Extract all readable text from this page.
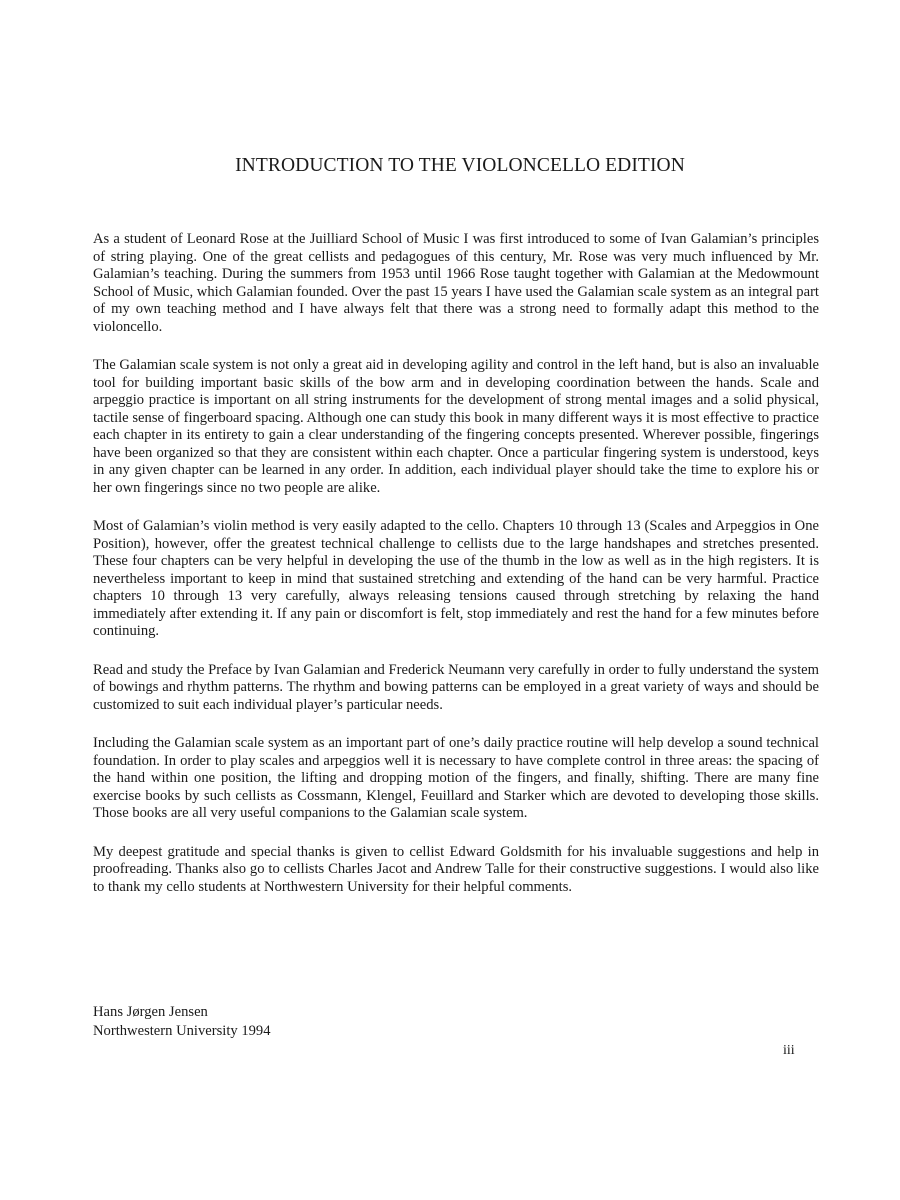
INTRODUCTION TO THE VIOLONCELLO EDITION

As a student of Leonard Rose at the Juilliard School of Music I was first introduced to some of Ivan Galamian’s principles of string playing. One of the great cellists and pedagogues of this century, Mr. Rose was very much influenced by Mr. Galamian’s teaching. During the summers from 1953 until 1966 Rose taught together with Galamian at the Medowmount School of Music, which Galamian founded. Over the past 15 years I have used the Galamian scale system as an integral part of my own teaching method and I have always felt that there was a strong need to formally adapt this method to the violoncello.

The Galamian scale system is not only a great aid in developing agility and control in the left hand, but is also an invaluable tool for building important basic skills of the bow arm and in developing coordination between the hands. Scale and arpeggio practice is important on all string instruments for the development of strong mental images and a solid physical, tactile sense of fingerboard spacing. Although one can study this book in many different ways it is most effective to practice each chapter in its entirety to gain a clear understanding of the fingering concepts presented. Wherever possible, fingerings have been organized so that they are consistent within each chapter. Once a particular fingering system is understood, keys in any given chapter can be learned in any order. In addition, each individual player should take the time to explore his or her own fingerings since no two people are alike.

Most of Galamian’s violin method is very easily adapted to the cello. Chapters 10 through 13 (Scales and Arpeggios in One Position), however, offer the greatest technical challenge to cellists due to the large handshapes and stretches presented. These four chapters can be very helpful in developing the use of the thumb in the low as well as in the high registers. It is nevertheless important to keep in mind that sustained stretching and extending of the hand can be very harmful. Practice chapters 10 through 13 very carefully, always releasing tensions caused through stretching by relaxing the hand immediately after extending it. If any pain or discomfort is felt, stop immediately and rest the hand for a few minutes before continuing.

Read and study the Preface by Ivan Galamian and Frederick Neumann very carefully in order to fully understand the system of bowings and rhythm patterns. The rhythm and bowing patterns can be employed in a great variety of ways and should be customized to suit each individual player’s particular needs.

Including the Galamian scale system as an important part of one’s daily practice routine will help develop a sound technical foundation. In order to play scales and arpeggios well it is necessary to have complete control in three areas: the spacing of the hand within one position, the lifting and dropping motion of the fingers, and finally, shifting. There are many fine exercise books by such cellists as Cossmann, Klengel, Feuillard and Starker which are devoted to developing those skills. Those books are all very useful companions to the Galamian scale system.

My deepest gratitude and special thanks is given to cellist Edward Goldsmith for his invaluable suggestions and help in proofreading. Thanks also go to cellists Charles Jacot and Andrew Talle for their constructive suggestions. I would also like to thank my cello students at Northwestern University for their helpful comments.

Hans Jørgen Jensen
Northwestern University 1994
iii
